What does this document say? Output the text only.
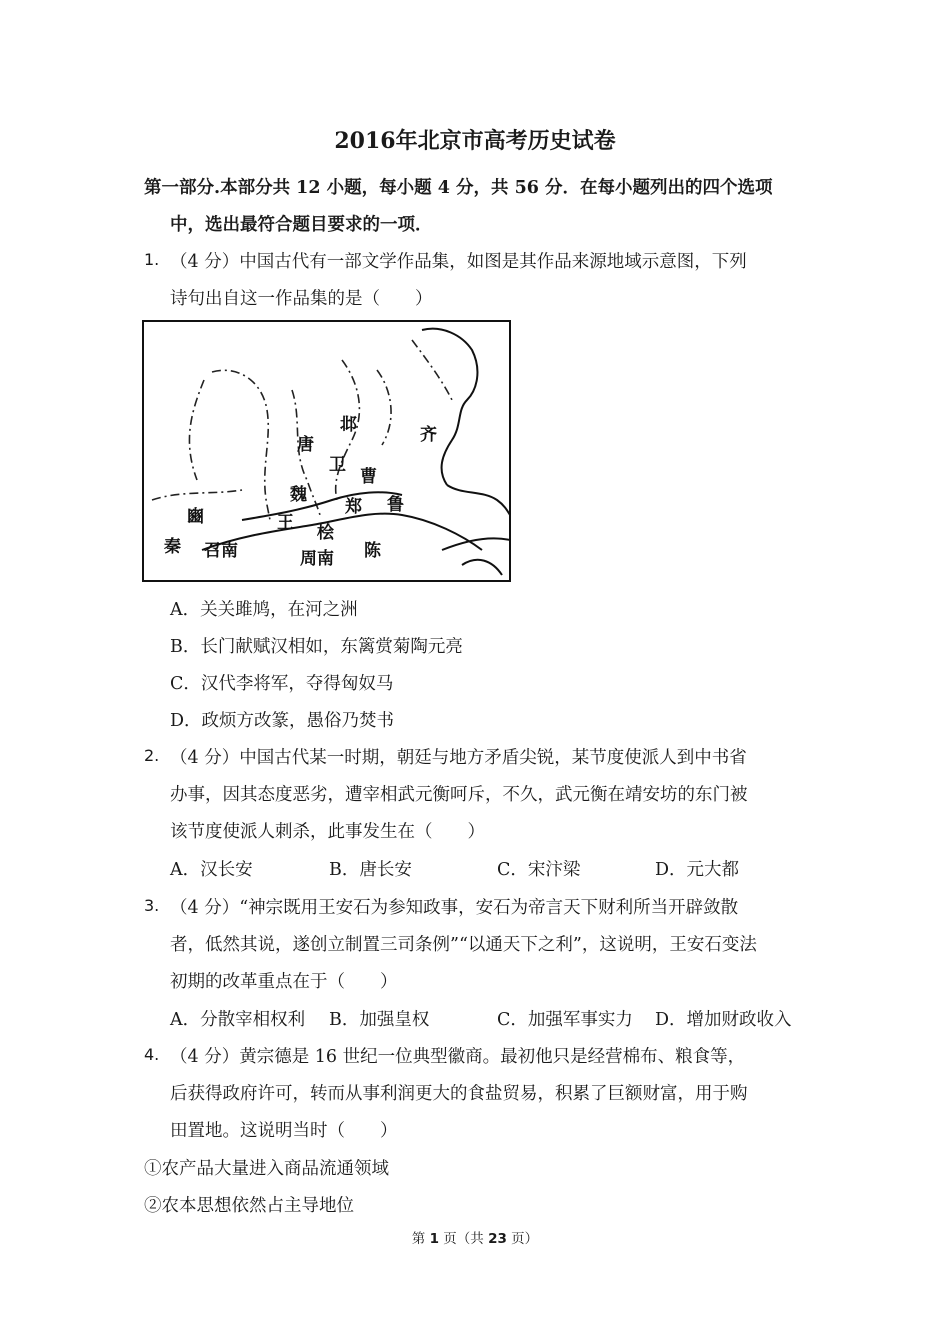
2016年北京市高考历史试卷
第一部分.本部分共 12 小题，每小题 4 分，共 56 分．在每小题列出的四个选项
中，选出最符合题目要求的一项．
1. （4 分）中国古代有一部文学作品集，如图是其作品来源地域示意图，下列
诗句出自这一作品集的是（　　）
邶
唐
卫
齐
魏
曹
鲁
郑
豳	王 桧
秦 召南	周南 陈
A．关关雎鸠，在河之洲
B．长门献赋汉相如，东篱赏菊陶元亮
C．汉代李将军，夺得匈奴马
D．政烦方改篆，愚俗乃焚书
2. （4 分）中国古代某一时期，朝廷与地方矛盾尖锐，某节度使派人到中书省
办事，因其态度恶劣，遭宰相武元衡呵斥，不久，武元衡在靖安坊的东门被
该节度使派人刺杀，此事发生在（　　）
A．汉长安	B．唐长安	C．宋汴梁	D．元大都
3. （4 分）“神宗既用王安石为参知政事，安石为帝言天下财利所当开辟敛散
者，低然其说，遂创立制置三司条例”“以通天下之利”，这说明，王安石变法
初期的改革重点在于（　　）
A．分散宰相权利 B．加强皇权	C．加强军事实力 D．增加财政收入
4. （4 分）黄宗德是 16 世纪一位典型徽商。最初他只是经营棉布、粮食等，
后获得政府许可，转而从事利润更大的食盐贸易，积累了巨额财富，用于购
田置地。这说明当时（　　）
①农产品大量进入商品流通领域
②农本思想依然占主导地位
第 1 页（共 23 页）
